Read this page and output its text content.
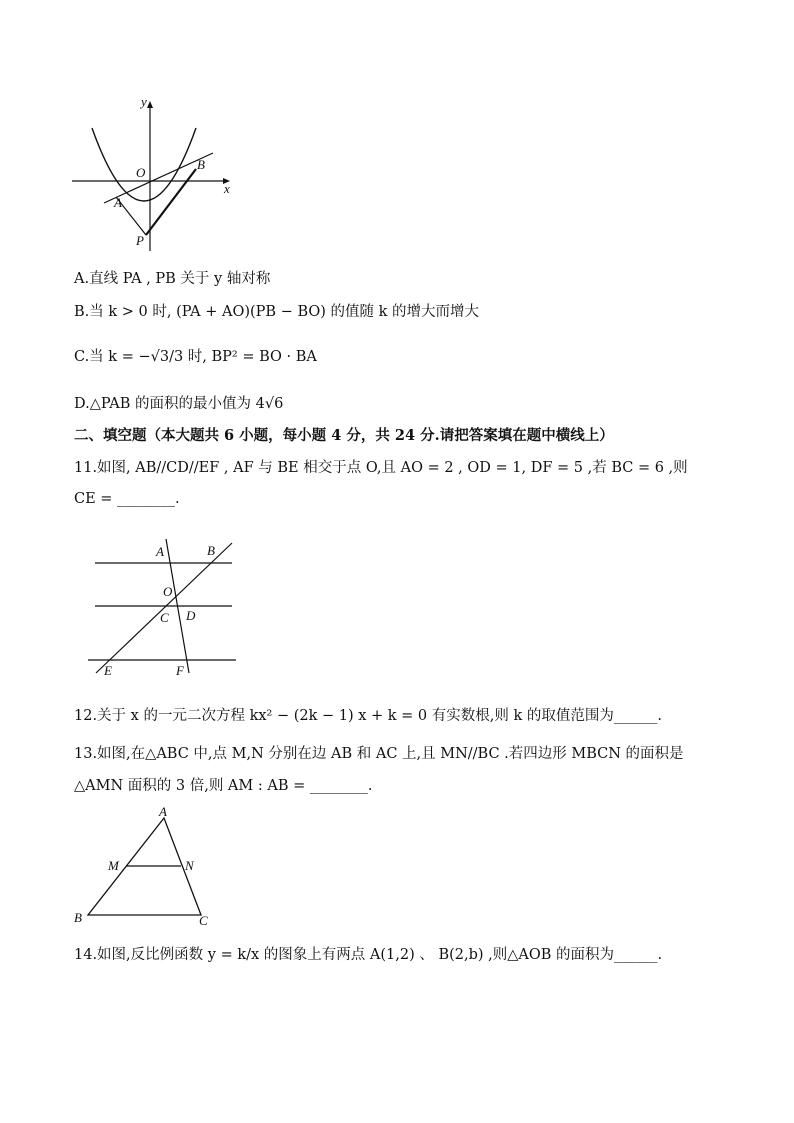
y
x
O
A
B
P
A.直线 PA , PB 关于 y 轴对称
B.当 k > 0 时, (PA + AO)(PB − BO) 的值随 k 的增大而增大
C.当 k = −√3/3 时, BP² = BO · BA
D.△PAB 的面积的最小值为 4√6
二、填空题（本大题共 6 小题，每小题 4 分，共 24 分.请把答案填在题中横线上）
11.如图, AB//CD//EF , AF 与 BE 相交于点 O,且 AO = 2 , OD = 1, DF = 5 ,若 BC = 6 ,则
CE = ________.
A	B
O
C D
E	F
12.关于 x 的一元二次方程 kx² − (2k − 1) x + k = 0 有实数根,则 k 的取值范围为______.
13.如图,在△ABC 中,点 M,N 分别在边 AB 和 AC 上,且 MN//BC .若四边形 MBCN 的面积是
△AMN 面积的 3 倍,则 AM : AB = ________.
A
M	N
B	C
14.如图,反比例函数 y = k/x 的图象上有两点 A(1,2) 、 B(2,b) ,则△AOB 的面积为______.
